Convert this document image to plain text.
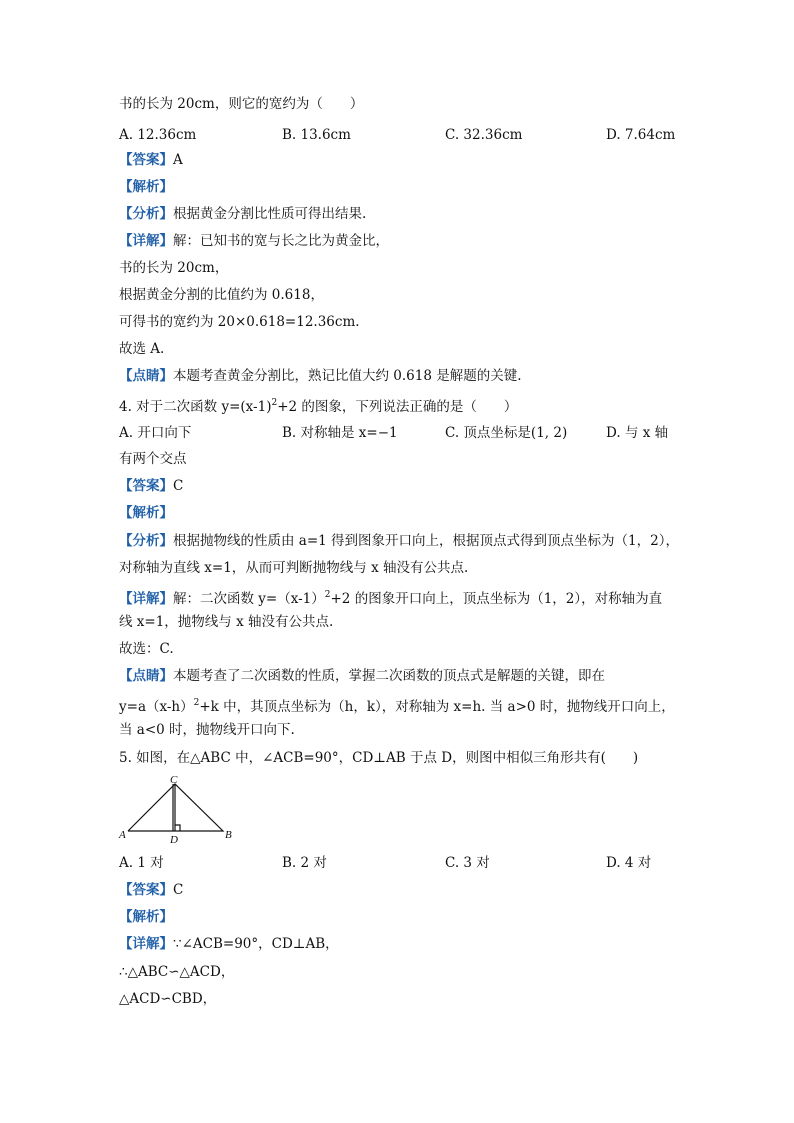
书的长为 20cm，则它的宽约为（　　）
A. 12.36cm	B. 13.6cm	C. 32.36cm	D. 7.64cm
【答案】A
【解析】
【分析】根据黄金分割比性质可得出结果.
【详解】解：已知书的宽与长之比为黄金比，
书的长为 20cm，
根据黄金分割的比值约为 0.618，
可得书的宽约为 20×0.618=12.36cm.
故选 A.
【点睛】本题考查黄金分割比，熟记比值大约 0.618 是解题的关键.
4. 对于二次函数 $y=(x-1)^2+2$ 的图象，下列说法正确的是（　　）
A. 开口向下	B. 对称轴是 x=−1	C. 顶点坐标是(1, 2)	D. 与 x 轴
有两个交点
【答案】C
【解析】
【分析】根据抛物线的性质由 a=1 得到图象开口向上，根据顶点式得到顶点坐标为（1，2），
对称轴为直线 x=1，从而可判断抛物线与 x 轴没有公共点.
【详解】解：二次函数 $y=(x-1)^2+2$ 的图象开口向上，顶点坐标为（1，2），对称轴为直
线 x=1，抛物线与 x 轴没有公共点.
故选：C.
【点睛】本题考查了二次函数的性质，掌握二次函数的顶点式是解题的关键，即在
$y=a(x-h)^2+k$ 中，其顶点坐标为（h，k），对称轴为 x=h. 当 a>0 时，抛物线开口向上，
当 a<0 时，抛物线开口向下.
5. 如图，在△ABC 中，∠ACB=90°，CD⊥AB 于点 D，则图中相似三角形共有(　　)
C
A	D	B
A. 1 对	B. 2 对	C. 3 对	D. 4 对
【答案】C
【解析】
【详解】∵∠ACB=90°，CD⊥AB，
∴△ABC∽△ACD，
△ACD∽CBD，
